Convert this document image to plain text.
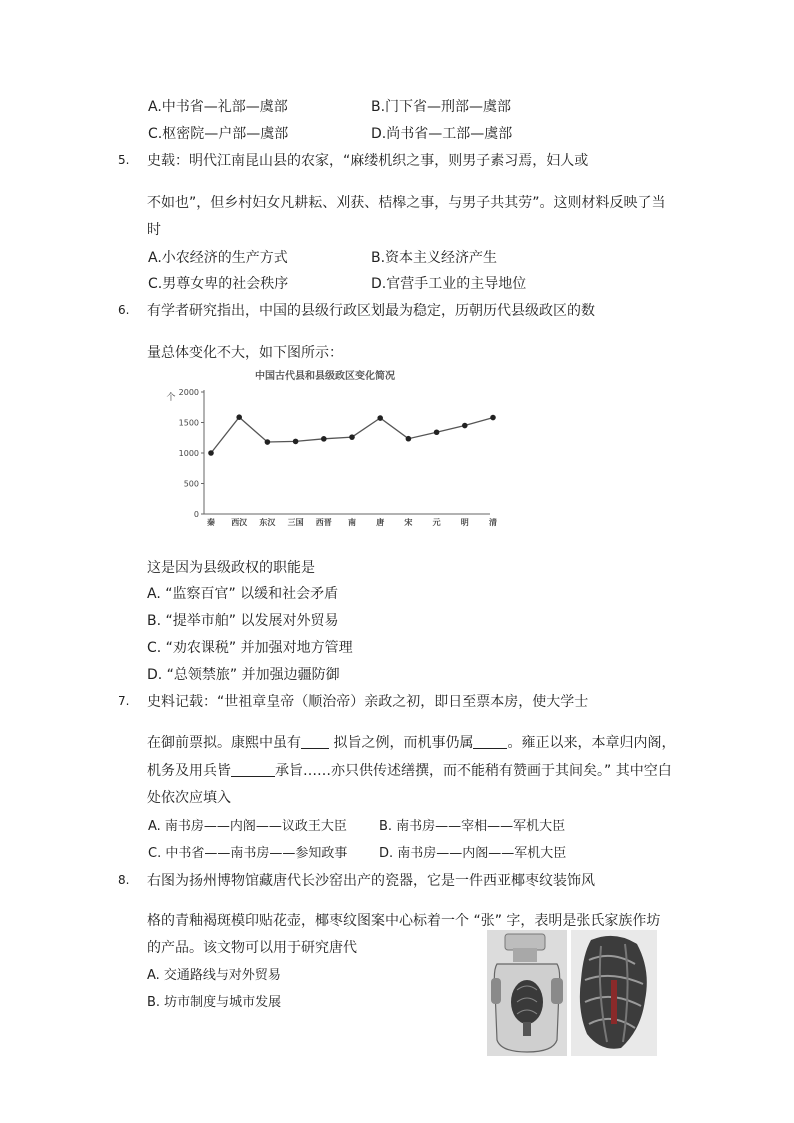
A.中书省—礼部—虞部	B.门下省—刑部—虞部
C.枢密院—户部—虞部	D.尚书省—工部—虞部
5. 史载：明代江南昆山县的农家，“麻缕机织之事，则男子素习焉，妇人或
不如也”，但乡村妇女凡耕耘、刈获、桔槔之事，与男子共其劳”。这则材料反映了当
时
A.小农经济的生产方式	B.资本主义经济产生
C.男尊女卑的社会秩序	D.官营手工业的主导地位
6. 有学者研究指出，中国的县级行政区划最为稳定，历朝历代县级政区的数
量总体变化不大，如下图所示：
中国古代县和县级政区变化简况
个
0
500
1000
1500
2000
秦 西汉 东汉 三国 西晋 南	唐	宋	元	明	清
这是因为县级政权的职能是
A. “监察百官” 以缓和社会矛盾
B. “提举市舶” 以发展对外贸易
C. “劝农课税” 并加强对地方管理
D. “总领禁旅” 并加强边疆防御
7. 史料记载：“世祖章皇帝（顺治帝）亲政之初，即日至票本房，使大学士
在御前票拟。康熙中虽有 拟旨之例，而机事仍属 。雍正以来，本章归内阁，
机务及用兵皆	承旨……亦只供传述缮撰，而不能稍有赞画于其间矣。” 其中空白
处依次应填入
A. 南书房——内阁——议政王大臣 B. 南书房——宰相——军机大臣
C. 中书省——南书房——参知政事 D. 南书房——内阁——军机大臣
8. 右图为扬州博物馆藏唐代长沙窑出产的瓷器，它是一件西亚椰枣纹装饰风
格的青釉褐斑模印贴花壶，椰枣纹图案中心标着一个 “张” 字，表明是张氏家族作坊
的产品。该文物可以用于研究唐代
A. 交通路线与对外贸易
B. 坊市制度与城市发展
